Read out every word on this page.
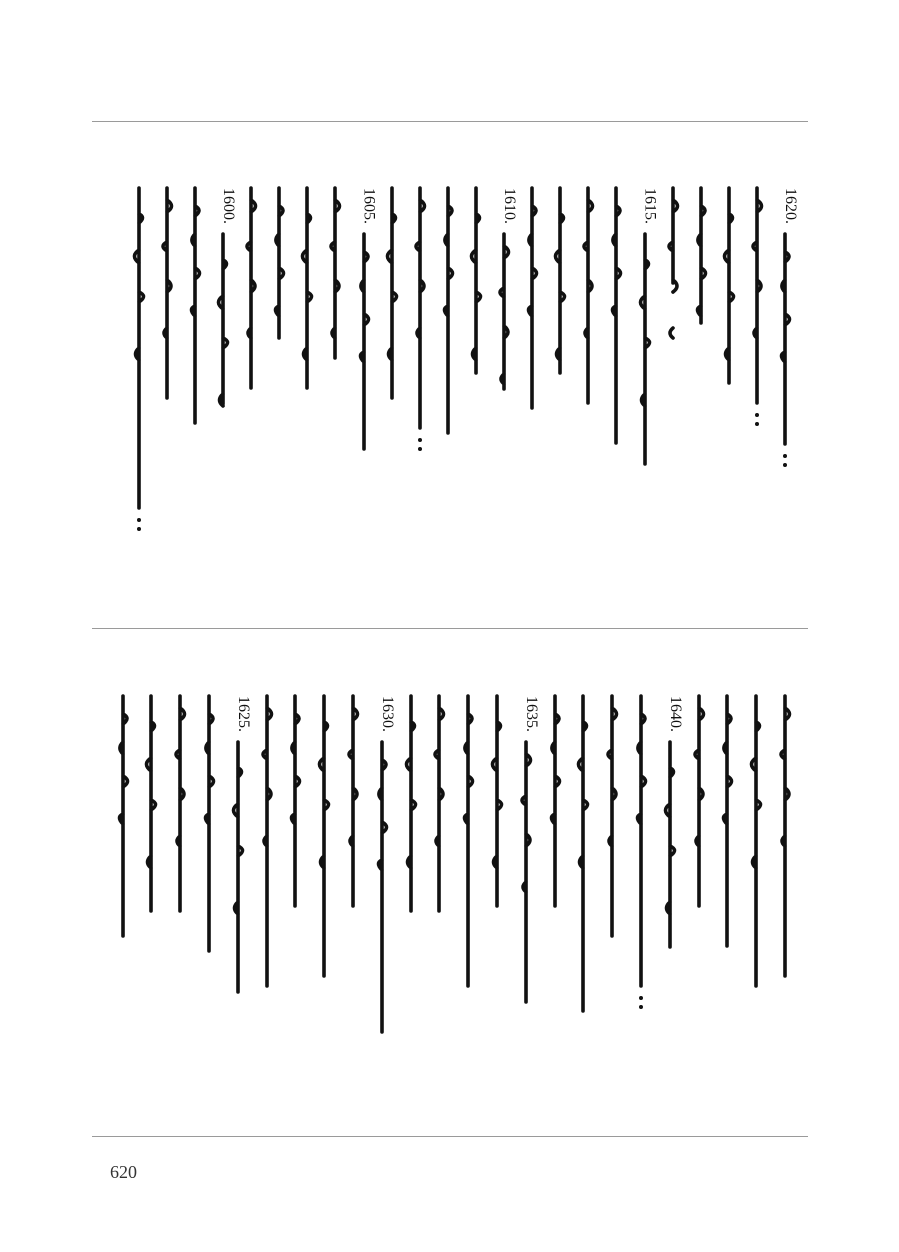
1620.
1615.
1610.
1605.
1600.
1640.
1635.
1630.
1625.
620
